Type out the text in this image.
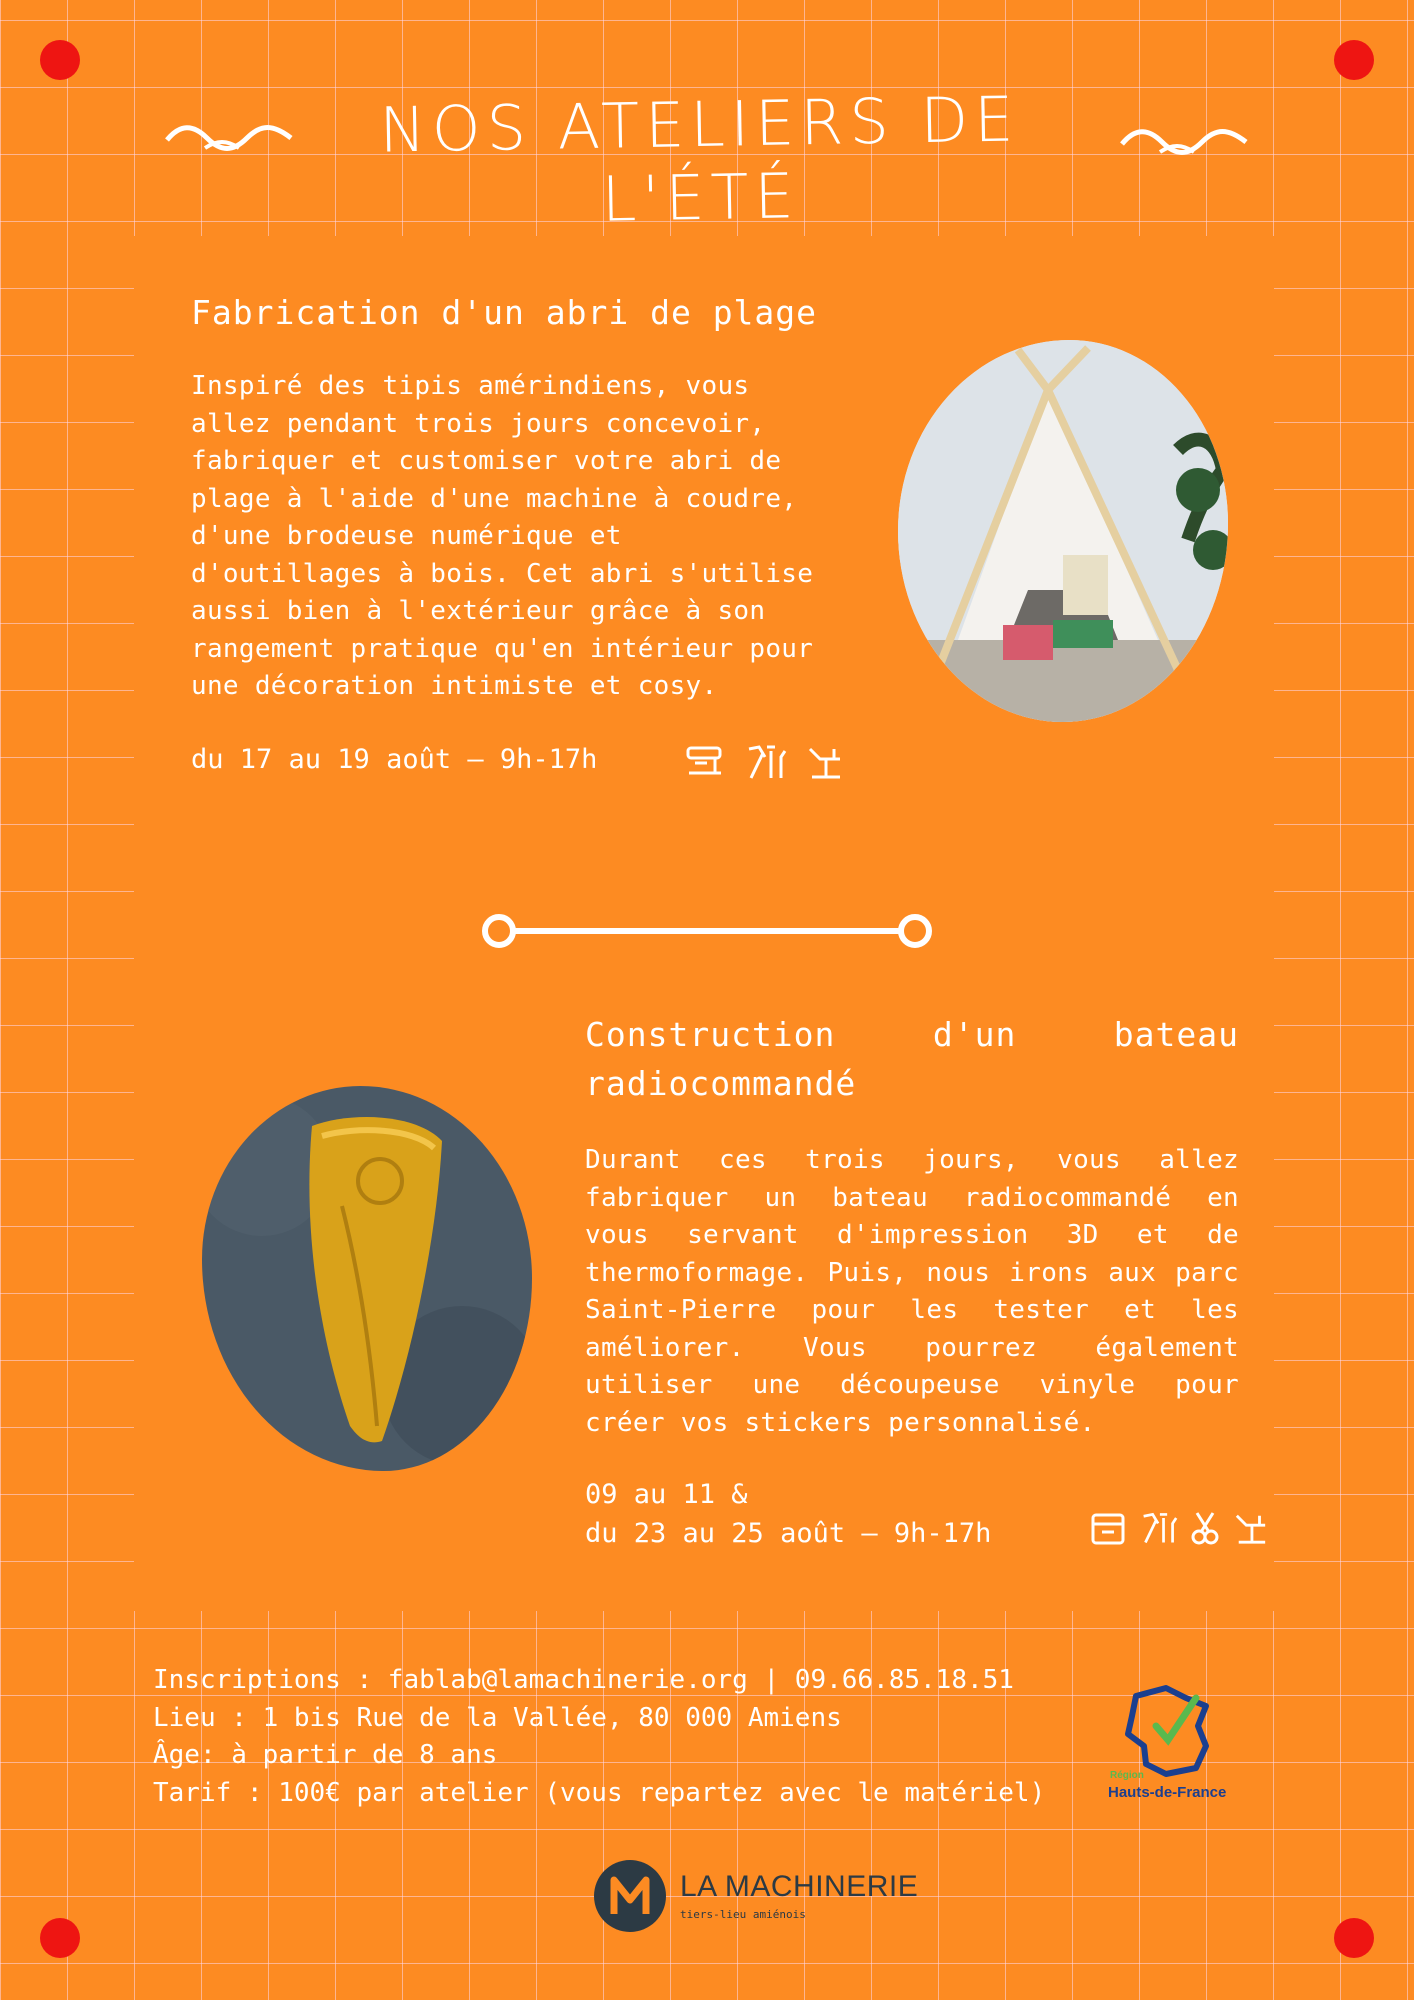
NOS ATELIERS DE L'ÉTÉ
Fabrication d'un abri de plage
Inspiré des tipis amérindiens, vous
allez pendant trois jours concevoir,
fabriquer et customiser votre abri de
plage à l'aide d'une machine à coudre,
d'une brodeuse numérique et
d'outillages à bois. Cet abri s'utilise
aussi bien à l'extérieur grâce à son
rangement pratique qu'en intérieur pour
une décoration intimiste et cosy.
du 17 au 19 août — 9h-17h

Construction	d'un	bateau
radiocommandé
Durant ces trois jours, vous allez fabriquer un bateau radiocommandé en vous servant d'impression 3D et de thermoformage. Puis, nous irons aux parc Saint-Pierre pour les tester et les améliorer. Vous pourrez également utiliser une découpeuse vinyle pour créer vos stickers personnalisé.
09 au 11 &
du 23 au 25 août — 9h-17h

Inscriptions : fablab@lamachinerie.org | 09.66.85.18.51
Lieu : 1 bis Rue de la Vallée, 80 000 Amiens
Âge: à partir de 8 ans
Tarif : 100€ par atelier (vous repartez avec le matériel)
Région
Hauts-de-France
LA MACHINERIE
tiers-lieu amiénois
